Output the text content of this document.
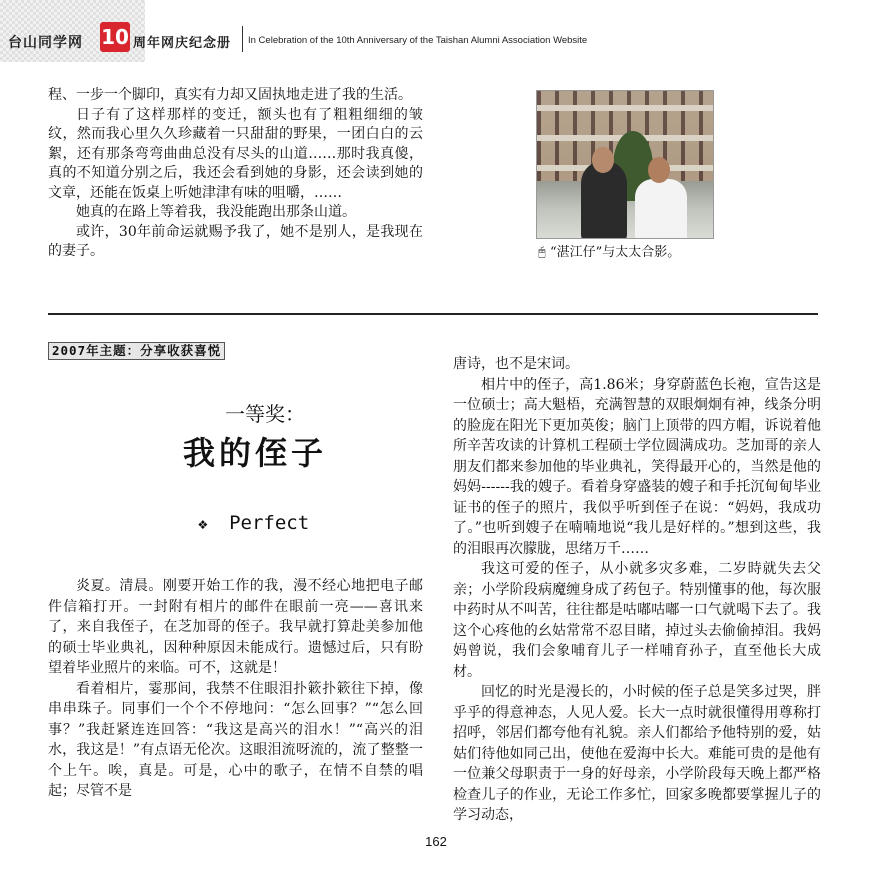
台山同学网 10 周年网庆纪念册 In Celebration of the 10th Anniversary of the Taishan Alumni Association Website

程、一步一个脚印，真实有力却又固执地走进了我的生活。

日子有了这样那样的变迁，额头也有了粗粗细细的皱纹，然而我心里久久珍藏着一只甜甜的野果，一团白白的云絮，还有那条弯弯曲曲总没有尽头的山道……那时我真傻，真的不知道分别之后，我还会看到她的身影，还会读到她的文章，还能在饭桌上听她津津有味的咀嚼，……

她真的在路上等着我，我没能跑出那条山道。

或许，30年前命运就赐予我了，她不是别人，是我现在的妻子。	🖰 “湛江仔”与太太合影。
2007年主题：分享收获喜悦
一等奖：
我的侄子
❖ Perfect

炎夏。清晨。刚要开始工作的我，漫不经心地把电子邮件信箱打开。一封附有相片的邮件在眼前一亮——喜讯来了，来自我侄子，在芝加哥的侄子。我早就打算赴美参加他的硕士毕业典礼，因种种原因未能成行。遗憾过后，只有盼望着毕业照片的来临。可不，这就是！

看着相片，霎那间，我禁不住眼泪扑簌扑簌往下掉，像串串珠子。同事们一个个不停地问：“怎么回事？”“怎么回事？”我赶紧连连回答：“我这是高兴的泪水！”“高兴的泪水，我这是！”有点语无伦次。这眼泪流呀流的，流了整整一个上午。唉，真是。可是，心中的歌子，在情不自禁的唱起；尽管不是

唐诗，也不是宋词。

相片中的侄子，高1.86米；身穿蔚蓝色长袍，宣告这是一位硕士；高大魁梧，充满智慧的双眼炯炯有神，线条分明的脸庞在阳光下更加英俊；脑门上顶带的四方帽，诉说着他所辛苦攻读的计算机工程硕士学位圆满成功。芝加哥的亲人朋友们都来参加他的毕业典礼，笑得最开心的，当然是他的妈妈------我的嫂子。看着身穿盛装的嫂子和手托沉甸甸毕业证书的侄子的照片，我似乎听到侄子在说：“妈妈，我成功了。”也听到嫂子在喃喃地说“我儿是好样的。”想到这些，我的泪眼再次朦胧，思绪万千……

我这可爱的侄子，从小就多灾多难，二岁時就失去父亲；小学阶段病魔缠身成了药包子。特别懂事的他，每次服中药时从不叫苦，往往都是咕嘟咕嘟一口气就喝下去了。我这个心疼他的幺姑常常不忍目睹，掉过头去偷偷掉泪。我妈妈曾说，我们会象哺育儿子一样哺育孙子，直至他长大成材。

回忆的时光是漫长的，小时候的侄子总是笑多过哭，胖乎乎的得意神态，人见人爱。长大一点时就很懂得用尊称打招呼，邻居们都夸他有礼貌。亲人们都给予他特别的爱，姑姑们待他如同己出，使他在爱海中长大。难能可贵的是他有一位兼父母职责于一身的好母亲，小学阶段每天晚上都严格检查儿子的作业，无论工作多忙，回家多晚都要掌握儿子的学习动态，

162
